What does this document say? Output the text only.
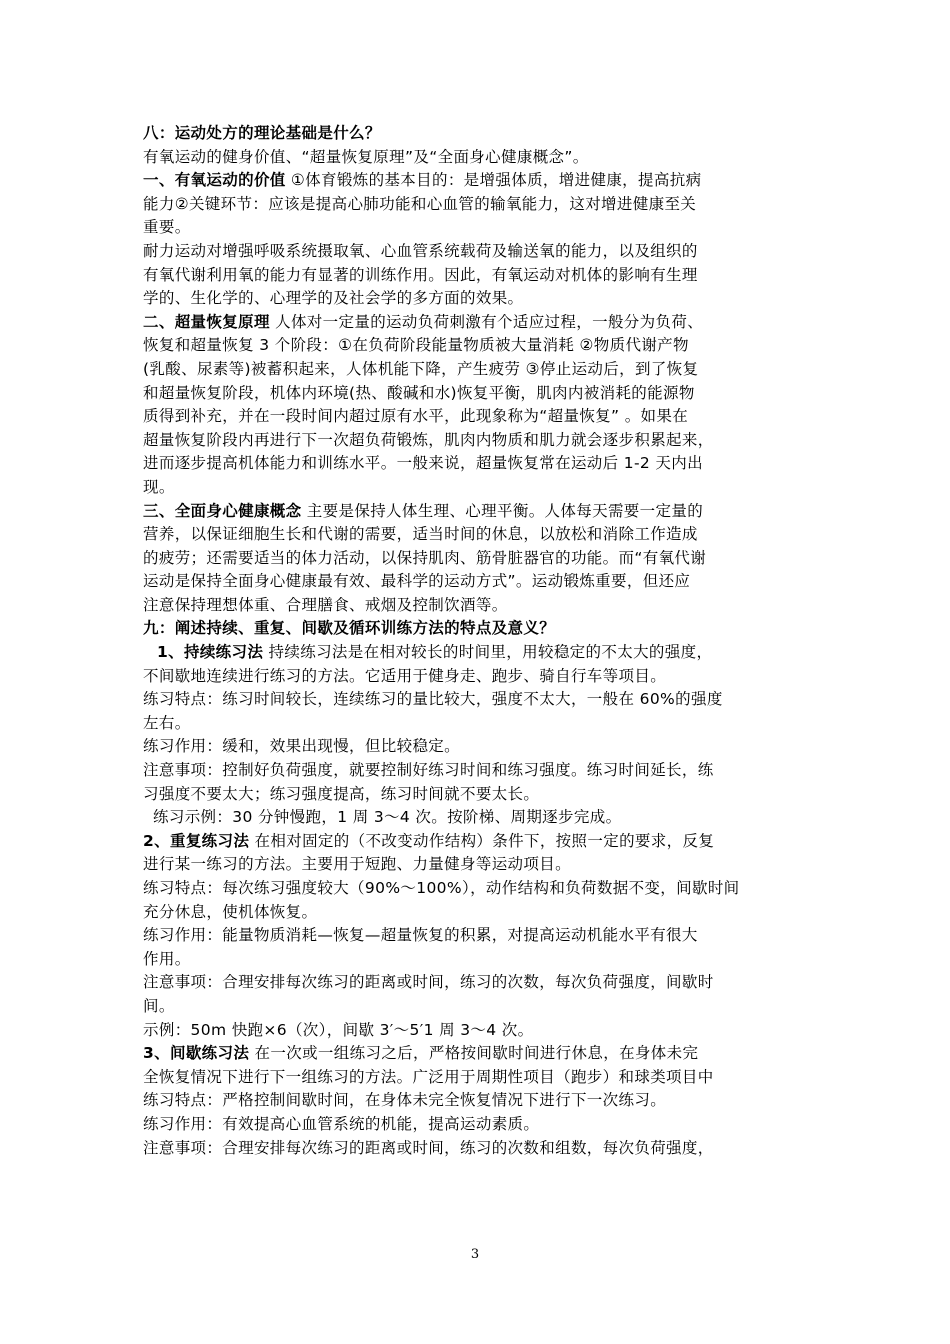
八：运动处方的理论基础是什么？
有氧运动的健身价值、“超量恢复原理”及“全面身心健康概念”。
一、有氧运动的价值 ①体育锻炼的基本目的：是增强体质，增进健康，提高抗病
能力②关键环节：应该是提高心肺功能和心血管的输氧能力，这对增进健康至关
重要。
耐力运动对增强呼吸系统摄取氧、心血管系统载荷及输送氧的能力，以及组织的
有氧代谢利用氧的能力有显著的训练作用。因此，有氧运动对机体的影响有生理
学的、生化学的、心理学的及社会学的多方面的效果。
二、超量恢复原理 人体对一定量的运动负荷刺激有个适应过程，一般分为负荷、
恢复和超量恢复 3 个阶段：①在负荷阶段能量物质被大量消耗 ②物质代谢产物
(乳酸、尿素等)被蓄积起来，人体机能下降，产生疲劳 ③停止运动后，到了恢复
和超量恢复阶段，机体内环境(热、酸碱和水)恢复平衡，肌肉内被消耗的能源物
质得到补充，并在一段时间内超过原有水平，此现象称为“超量恢复” 。如果在
超量恢复阶段内再进行下一次超负荷锻炼，肌肉内物质和肌力就会逐步积累起来，
进而逐步提高机体能力和训练水平。一般来说，超量恢复常在运动后 1-2 天内出
现。
三、全面身心健康概念 主要是保持人体生理、心理平衡。人体每天需要一定量的
营养，以保证细胞生长和代谢的需要，适当时间的休息，以放松和消除工作造成
的疲劳；还需要适当的体力活动，以保持肌肉、筋骨脏器官的功能。而“有氧代谢
运动是保持全面身心健康最有效、最科学的运动方式”。运动锻炼重要，但还应
注意保持理想体重、合理膳食、戒烟及控制饮酒等。
九：阐述持续、重复、间歇及循环训练方法的特点及意义？
1、持续练习法 持续练习法是在相对较长的时间里，用较稳定的不太大的强度，
不间歇地连续进行练习的方法。它适用于健身走、跑步、骑自行车等项目。
练习特点：练习时间较长，连续练习的量比较大，强度不太大，一般在 60%的强度
左右。
练习作用：缓和，效果出现慢，但比较稳定。
注意事项：控制好负荷强度，就要控制好练习时间和练习强度。练习时间延长，练
习强度不要太大；练习强度提高，练习时间就不要太长。
练习示例：30 分钟慢跑，1 周 3～4 次。按阶梯、周期逐步完成。
2、重复练习法 在相对固定的（不改变动作结构）条件下，按照一定的要求，反复
进行某一练习的方法。主要用于短跑、力量健身等运动项目。
练习特点：每次练习强度较大（90%～100%），动作结构和负荷数据不变，间歇时间
充分休息，使机体恢复。
练习作用：能量物质消耗—恢复—超量恢复的积累，对提高运动机能水平有很大
作用。
注意事项：合理安排每次练习的距离或时间，练习的次数，每次负荷强度，间歇时
间。
示例：50m 快跑×6（次），间歇 3′～5′1 周 3～4 次。
3、间歇练习法 在一次或一组练习之后，严格按间歇时间进行休息，在身体未完
全恢复情况下进行下一组练习的方法。广泛用于周期性项目（跑步）和球类项目中
练习特点：严格控制间歇时间，在身体未完全恢复情况下进行下一次练习。
练习作用：有效提高心血管系统的机能，提高运动素质。
注意事项：合理安排每次练习的距离或时间，练习的次数和组数，每次负荷强度，
3
